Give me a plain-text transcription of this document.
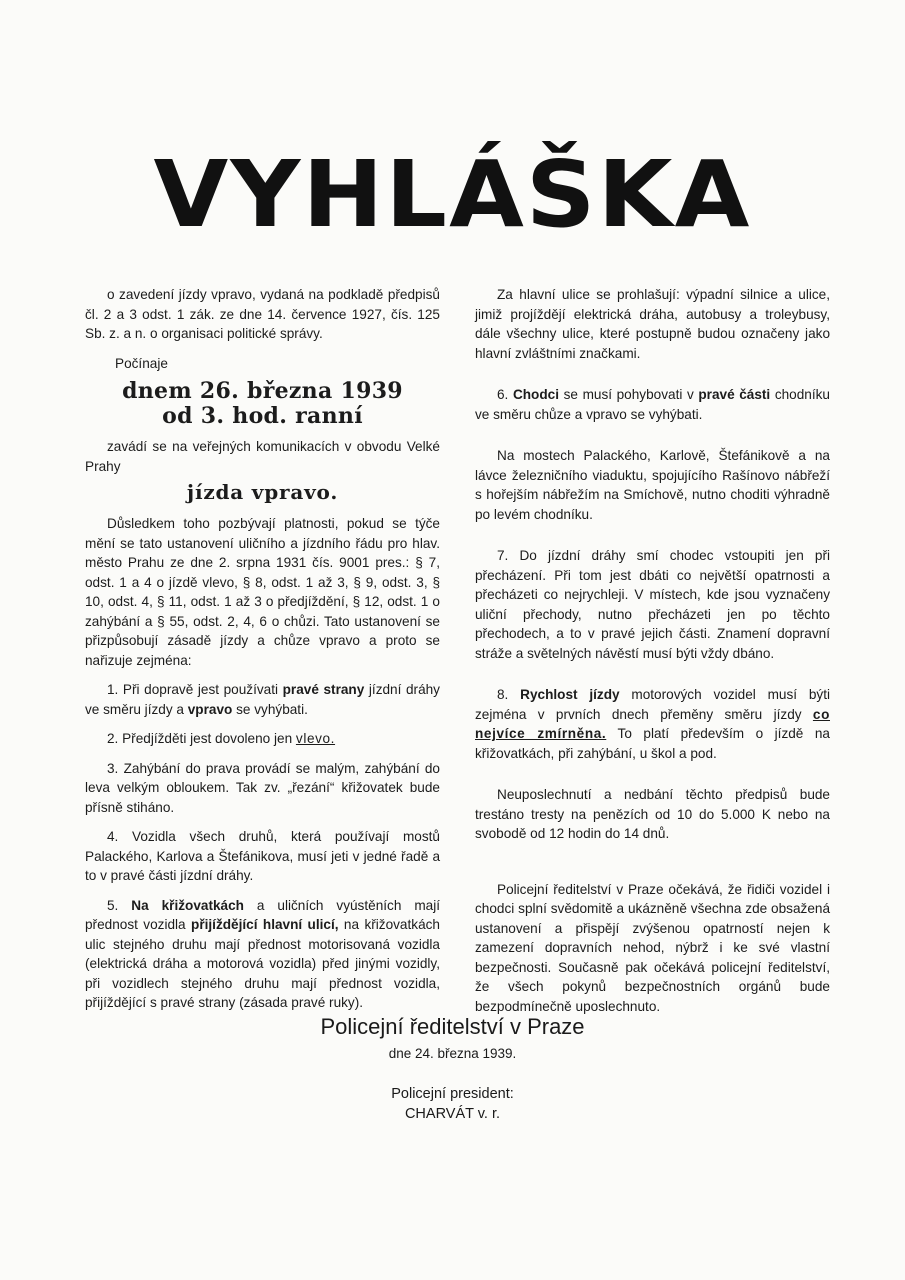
VYHLÁŠKA

o zavedení jízdy vpravo, vydaná na podkladě předpisů čl. 2 a 3 odst. 1 zák. ze dne 14. července 1927, čís. 125 Sb. z. a n. o organisaci politické správy.

Počínaje

dnem 26. března 1939
od 3. hod. ranní

zavádí se na veřejných komunikacích v obvodu Velké Prahy

jízda vpravo.

Důsledkem toho pozbývají platnosti, pokud se týče mění se tato ustanovení uličního a jízdního řádu pro hlav. město Prahu ze dne 2. srpna 1931 čís. 9001 pres.: § 7, odst. 1 a 4 o jízdě vlevo, § 8, odst. 1 až 3, § 9, odst. 3, § 10, odst. 4, § 11, odst. 1 až 3 o předjíždění, § 12, odst. 1 o zahýbání a § 55, odst. 2, 4, 6 o chůzi. Tato ustanovení se přizpůsobují zásadě jízdy a chůze vpravo a proto se nařizuje zejména:

1. Při dopravě jest používati pravé strany jízdní dráhy ve směru jízdy a vpravo se vyhýbati.

2. Předjížděti jest dovoleno jen vlevo.

3. Zahýbání do prava provádí se malým, zahýbání do leva velkým obloukem. Tak zv. „řezání“ křižovatek bude přísně stiháno.

4. Vozidla všech druhů, která používají mostů Palackého, Karlova a Štefánikova, musí jeti v jedné řadě a to v pravé části jízdní dráhy.

5. Na křižovatkách a uličních vyústěních mají přednost vozidla přijíždějící hlavní ulicí, na křižovatkách ulic stejného druhu mají přednost motorisovaná vozidla (elektrická dráha a motorová vozidla) před jinými vozidly, při vozidlech stejného druhu mají přednost vozidla, přijíždějící s pravé strany (zásada pravé ruky).

Za hlavní ulice se prohlašují: výpadní silnice a ulice, jimiž projíždějí elektrická dráha, autobusy a troleybusy, dále všechny ulice, které postupně budou označeny jako hlavní zvláštními značkami.

6. Chodci se musí pohybovati v pravé části chodníku ve směru chůze a vpravo se vyhýbati.

Na mostech Palackého, Karlově, Štefánikově a na lávce železničního viaduktu, spojujícího Rašínovo nábřeží s hořejším nábřežím na Smíchově, nutno choditi výhradně po levém chodníku.

7. Do jízdní dráhy smí chodec vstoupiti jen při přecházení. Při tom jest dbáti co největší opatrnosti a přecházeti co nejrychleji. V místech, kde jsou vyznačeny uliční přechody, nutno přecházeti jen po těchto přechodech, a to v pravé jejich části. Znamení dopravní stráže a světelných návěstí musí býti vždy dbáno.

8. Rychlost jízdy motorových vozidel musí býti zejména v prvních dnech přeměny směru jízdy co nejvíce zmírněna. To platí především o jízdě na křižovatkách, při zahýbání, u škol a pod.

Neuposlechnutí a nedbání těchto předpisů bude trestáno tresty na penězích od 10 do 5.000 K nebo na svobodě od 12 hodin do 14 dnů.

Policejní ředitelství v Praze očekává, že řidiči vozidel i chodci splní svědomitě a ukázněně všechna zde obsažená ustanovení a přispějí zvýšenou opatrností nejen k zamezení dopravních nehod, nýbrž i ke své vlastní bezpečnosti. Současně pak očekává policejní ředitelství, že všech pokynů bezpečnostních orgánů bude bezpodmínečně uposlechnuto.

Policejní ředitelství v Praze
dne 24. března 1939.
Policejní president:
CHARVÁT v. r.
